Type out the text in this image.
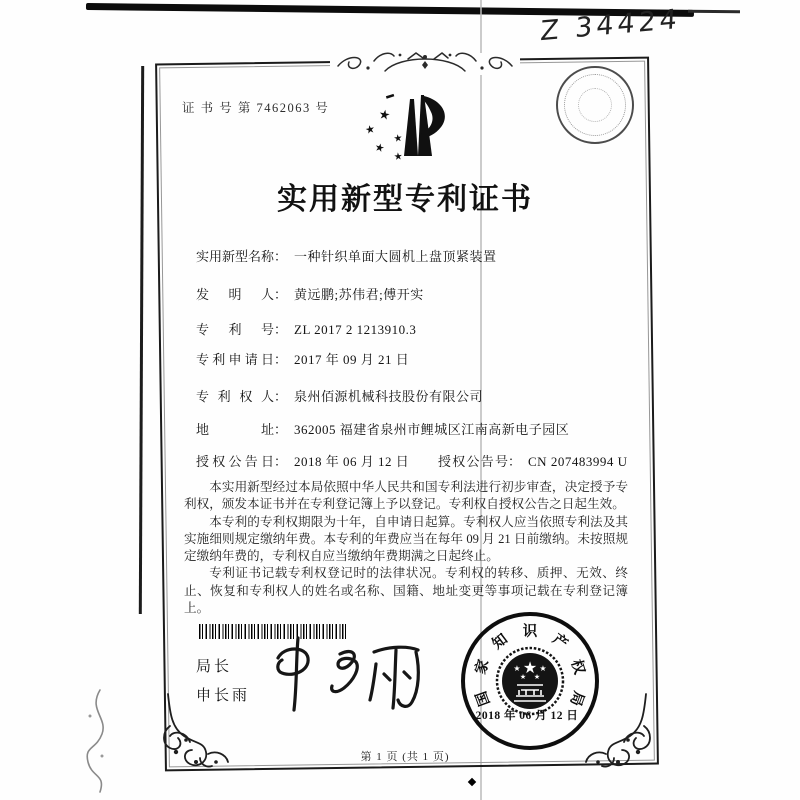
Z 34424
证 书 号 第 7462063 号
★
★
★
★
★
实用新型专利证书
实用新型名称： 一种针织单面大圆机上盘顶紧装置
发明人： 黄远鹏;苏伟君;傅开实
专利号： ZL 2017 2 1213910.3
专利申请日： 2017 年 09 月 21 日
专利权人： 泉州佰源机械科技股份有限公司
地址： 362005 福建省泉州市鲤城区江南高新电子园区
授权公告日： 2018 年 06 月 12 日 授权公告号： CN 207483994 U

本实用新型经过本局依照中华人民共和国专利法进行初步审查，决定授予专利权，颁发本证书并在专利登记簿上予以登记。专利权自授权公告之日起生效。

本专利的专利权期限为十年，自申请日起算。专利权人应当依照专利法及其实施细则规定缴纳年费。本专利的年费应当在每年 09 月 21 日前缴纳。未按照规定缴纳年费的，专利权自应当缴纳年费期满之日起终止。

专利证书记载专利权登记时的法律状况。专利权的转移、质押、无效、终止、恢复和专利权人的姓名或名称、国籍、地址变更等事项记载在专利登记簿上。

局长
申长雨	国
家
知 识 产
权
局
★
★ ★
★ ★
2018 年 06 月 12 日
第 1 页 (共 1 页)
